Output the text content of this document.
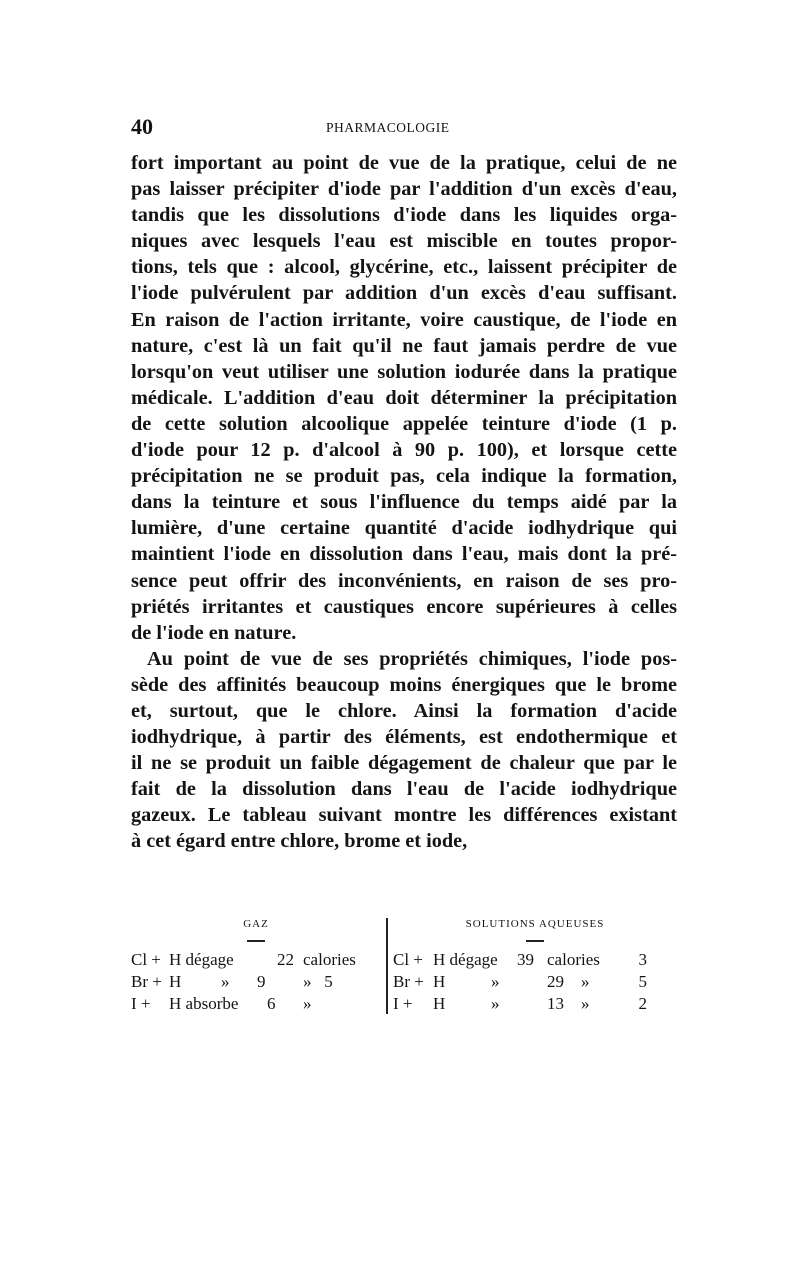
40	PHARMACOLOGIE
fort important au point de vue de la pratique, celui de ne
pas laisser précipiter d'iode par l'addition d'un excès d'eau,
tandis que les dissolutions d'iode dans les liquides orga-
niques avec lesquels l'eau est miscible en toutes propor-
tions, tels que : alcool, glycérine, etc., laissent précipiter de
l'iode pulvérulent par addition d'un excès d'eau suffisant.
En raison de l'action irritante, voire caustique, de l'iode en
nature, c'est là un fait qu'il ne faut jamais perdre de vue
lorsqu'on veut utiliser une solution iodurée dans la pratique
médicale. L'addition d'eau doit déterminer la précipitation
de cette solution alcoolique appelée teinture d'iode (1 p.
d'iode pour 12 p. d'alcool à 90 p. 100), et lorsque cette
précipitation ne se produit pas, cela indique la formation,
dans la teinture et sous l'influence du temps aidé par la
lumière, d'une certaine quantité d'acide iodhydrique qui
maintient l'iode en dissolution dans l'eau, mais dont la pré-
sence peut offrir des inconvénients, en raison de ses pro-
priétés irritantes et caustiques encore supérieures à celles
de l'iode en nature.
Au point de vue de ses propriétés chimiques, l'iode pos-
sède des affinités beaucoup moins énergiques que le brome
et, surtout, que le chlore. Ainsi la formation d'acide
iodhydrique, à partir des éléments, est endothermique et
il ne se produit un faible dégagement de chaleur que par le
fait de la dissolution dans l'eau de l'acide iodhydrique
gazeux. Le tableau suivant montre les différences existant
à cet égard entre chlore, brome et iode,
GAZ
Cl + H dégage	22 calories
Br + H	»	9	»   5
I +	H absorbe	6	»
SOLUTIONS AQUEUSES
Cl + H dégage	39 calories	3
Br + H	»	29    »	5
I +	H	»	13    »	2
